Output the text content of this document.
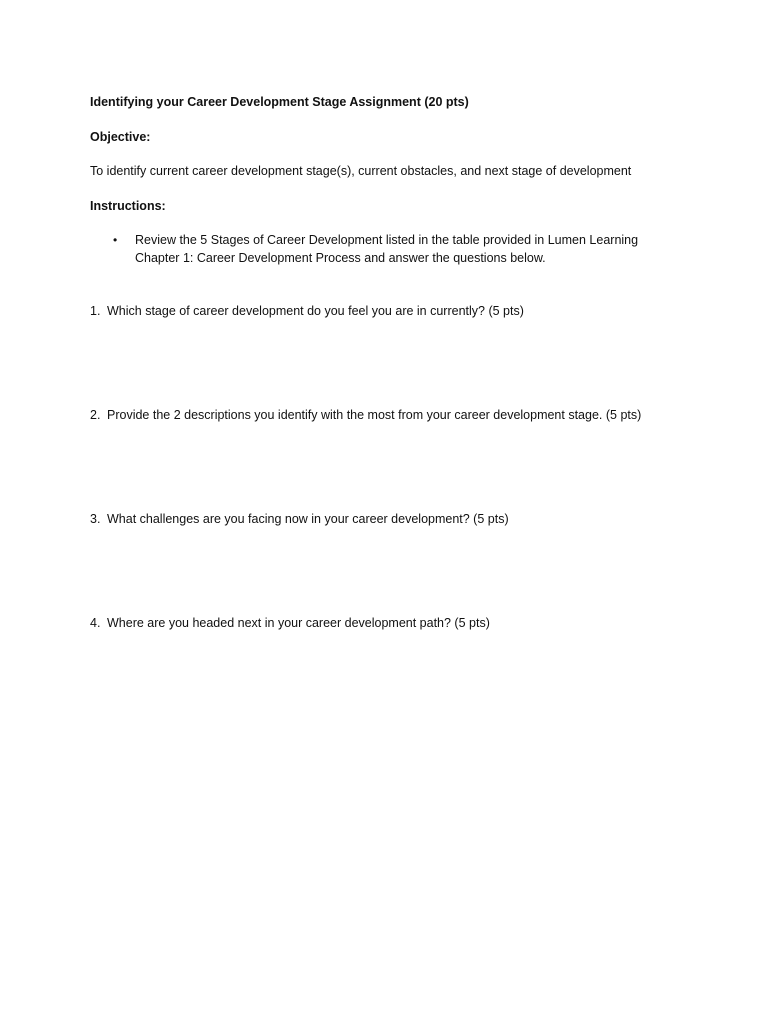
Identifying your Career Development Stage Assignment (20 pts)
Objective:
To identify current career development stage(s), current obstacles, and next stage of development
Instructions:
• Review the 5 Stages of Career Development listed in the table provided in Lumen Learning
Chapter 1: Career Development Process and answer the questions below.
1. Which stage of career development do you feel you are in currently? (5 pts)
2. Provide the 2 descriptions you identify with the most from your career development stage. (5 pts)
3. What challenges are you facing now in your career development? (5 pts)
4. Where are you headed next in your career development path? (5 pts)
